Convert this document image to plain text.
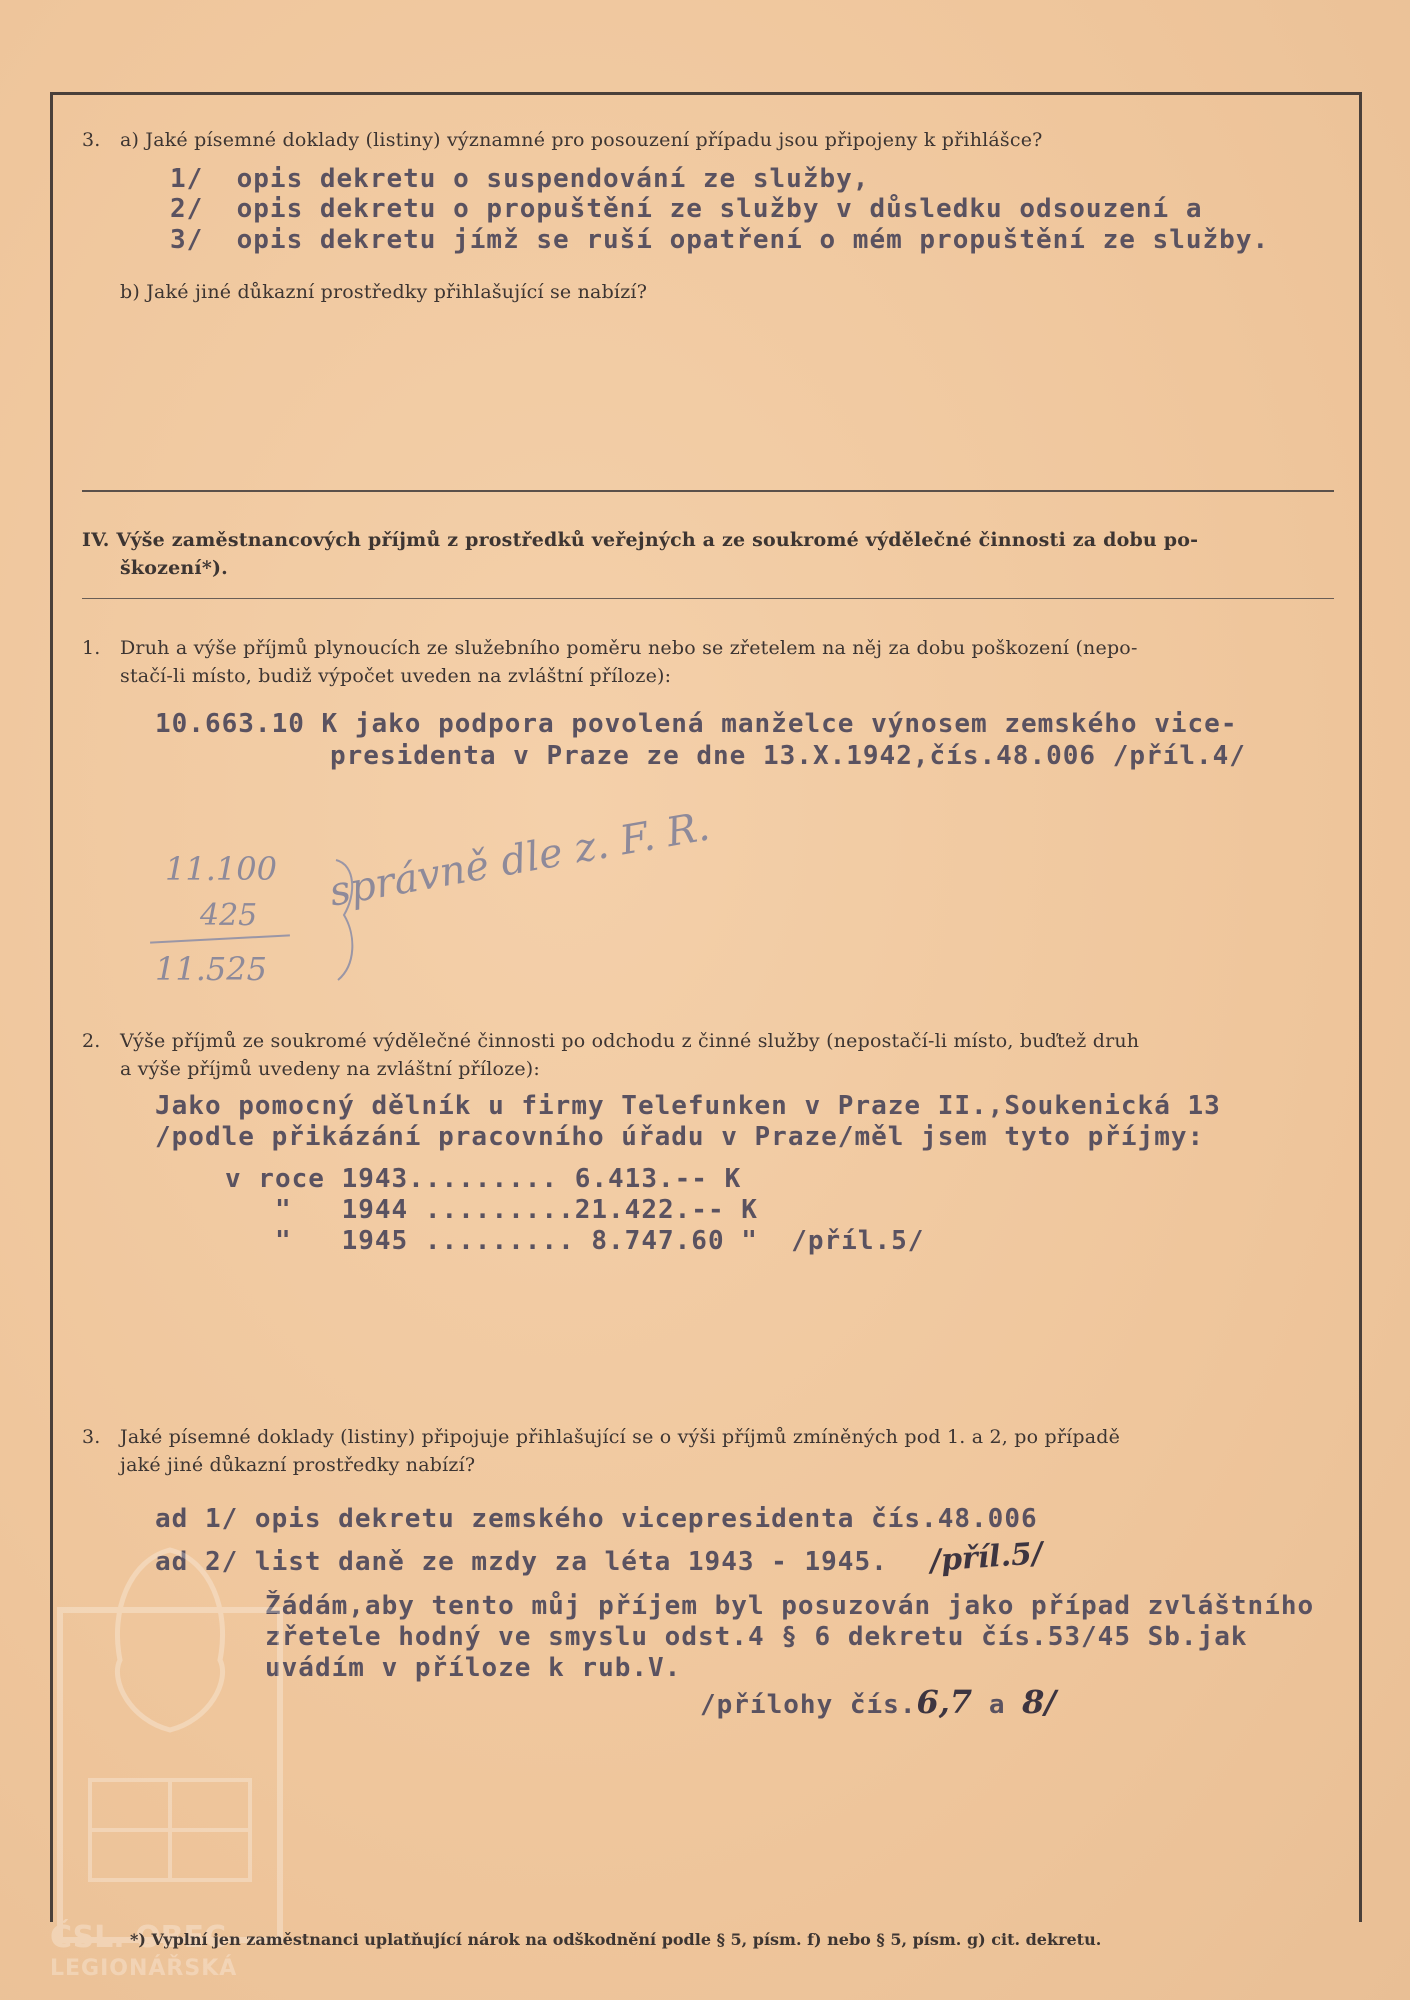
3. a) Jaké písemné doklady (listiny) významné pro posouzení případu jsou připojeny k přihlášce?
1/  opis dekretu o suspendování ze služby,
2/  opis dekretu o propuštění ze služby v důsledku odsouzení a
3/  opis dekretu jímž se ruší opatření o mém propuštění ze služby.
b) Jaké jiné důkazní prostředky přihlašující se nabízí?
IV. Výše zaměstnancových příjmů z prostředků veřejných a ze soukromé výdělečné činnosti za dobu po-
škození*).
1. Druh a výše příjmů plynoucích ze služebního poměru nebo se zřetelem na něj za dobu poškození (nepo-
stačí-li místo, budiž výpočet uveden na zvláštní příloze):
10.663.10 K jako podpora povolená manželce výnosem zemského vice-
presidenta v Praze ze dne 13.X.1942,čís.48.006 /příl.4/
11.100
425
11.525
správně dle z. F. R.
2. Výše příjmů ze soukromé výdělečné činnosti po odchodu z činné služby (nepostačí-li místo, buďtež druh
a výše příjmů uvedeny na zvláštní příloze):
Jako pomocný dělník u firmy Telefunken v Praze II.,Soukenická 13
/podle přikázání pracovního úřadu v Praze/měl jsem tyto příjmy:
v roce 1943......... 6.413.-- K
"   1944 .........21.422.-- K
"   1945 ......... 8.747.60 "  /příl.5/
3. Jaké písemné doklady (listiny) připojuje přihlašující se o výši příjmů zmíněných pod 1. a 2, po případě
jaké jiné důkazní prostředky nabízí?
ad 1/ opis dekretu zemského vicepresidenta čís.48.006
ad 2/ list daně ze mzdy za léta 1943 - 1945. /příl.5/
Žádám,aby tento můj příjem byl posuzován jako případ zvláštního
zřetele hodný ve smyslu odst.4 § 6 dekretu čís.53/45 Sb.jak
uvádím v příloze k rub.V.
/přílohy čís.6,7 a 8/
ČSL. OBEC
LEGIONÁŘSKÁ
*) Vyplní jen zaměstnanci uplatňující nárok na odškodnění podle § 5, písm. f) nebo § 5, písm. g) cit. dekretu.
